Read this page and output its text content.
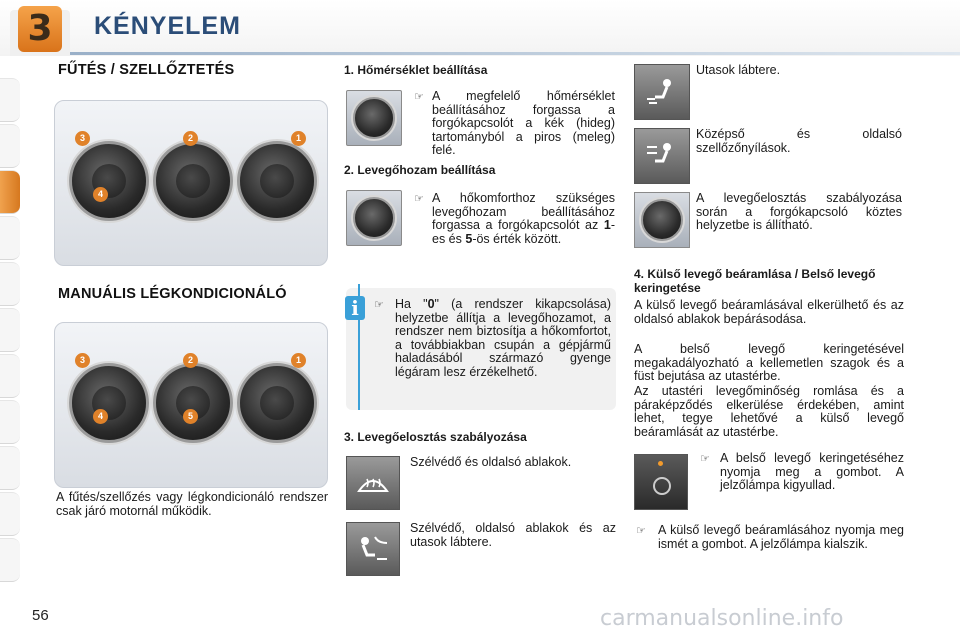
3	KÉNYELEM
FŰTÉS / SZELLŐZTETÉS
3	2	1
4
MANUÁLIS LÉGKONDICIONÁLÓ
3	2	1
4	5
A fűtés/szellőzés vagy légkondicionáló rendszer csak járó motornál működik.
1. Hőmérséklet beállítása
☞ A megfelelő hőmérséklet beállításához forgassa a forgókapcsolót a kék (hideg) tartományból a piros (meleg) felé.
2. Levegőhozam beállítása
☞ A hőkomforthoz szükséges levegőhozam beállításához forgassa a forgókapcsolót az 1-es és 5-ös érték között.
i	☞ Ha "0" (a rendszer kikapcsolása) helyzetbe állítja a levegőhozamot, a rendszer nem biztosítja a hőkomfortot, a továbbiakban csupán a gépjármű haladásából származó gyenge légáram lesz érzékelhető.
3. Levegőelosztás szabályozása
Szélvédő és oldalsó ablakok.
Szélvédő, oldalsó ablakok és az utasok lábtere.
Utasok lábtere.
Középső és oldalsó szellőzőnyílások.
A levegőelosztás szabályozása során a forgókapcsoló köztes helyzetbe is állítható.
4. Külső levegő beáramlása / Belső levegő keringetése
A külső levegő beáramlásával elkerülhető és az oldalsó ablakok bepárásodása.
A belső levegő keringetésével megakadályozható a kellemetlen szagok és a füst bejutása az utastérbe.
Az utastéri levegőminőség romlása és a páraképződés elkerülése érdekében, amint lehet, tegye lehetővé a külső levegő beáramlását az utastérbe.
☞ A belső levegő keringetéséhez nyomja meg a gombot. A jelzőlámpa kigyullad.
☞ A külső levegő beáramlásához nyomja meg ismét a gombot. A jelzőlámpa kialszik.
56	carmanualsonline.info
